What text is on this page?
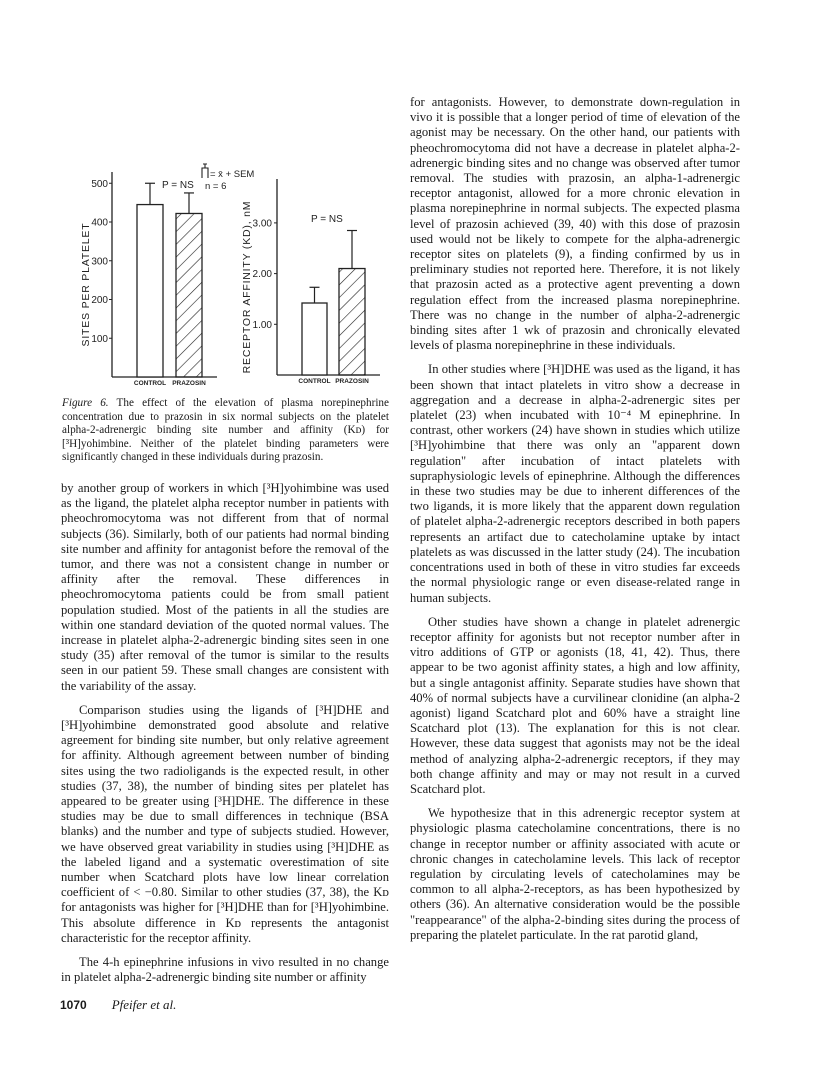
100
200
300
400
500
SITES PER PLATELET
CONTROL PRAZOSIN
P = NS
= x̄ + SEM
n = 6
1.00
2.00
3.00
RECEPTOR AFFINITY (KD), nM
CONTROL PRAZOSIN
P = NS
Figure 6. The effect of the elevation of plasma norepinephrine concentration due to prazosin in six normal subjects on the platelet alpha-2-adrenergic binding site number and affinity (Kᴅ) for [³H]yohimbine. Neither of the platelet binding parameters were significantly changed in these individuals during prazosin.

by another group of workers in which [³H]yohimbine was used as the ligand, the platelet alpha receptor number in patients with pheochromocytoma was not different from that of normal subjects (36). Similarly, both of our patients had normal binding site number and affinity for antagonist before the removal of the tumor, and there was not a consistent change in number or affinity after the removal. These differences in pheochromocytoma patients could be from small patient population studied. Most of the patients in all the studies are within one standard deviation of the quoted normal values. The increase in platelet alpha-2-adrenergic binding sites seen in one study (35) after removal of the tumor is similar to the results seen in our patient 59. These small changes are consistent with the variability of the assay.

Comparison studies using the ligands of [³H]DHE and [³H]yohimbine demonstrated good absolute and relative agreement for binding site number, but only relative agreement for affinity. Although agreement between number of binding sites using the two radioligands is the expected result, in other studies (37, 38), the number of binding sites per platelet has appeared to be greater using [³H]DHE. The difference in these studies may be due to small differences in technique (BSA blanks) and the number and type of subjects studied. However, we have observed great variability in studies using [³H]DHE as the labeled ligand and a systematic overestimation of site number when Scatchard plots have low linear correlation coefficient of < −0.80. Similar to other studies (37, 38), the Kᴅ for antagonists was higher for [³H]DHE than for [³H]yohimbine. This absolute difference in Kᴅ represents the antagonist characteristic for the receptor affinity.

The 4-h epinephrine infusions in vivo resulted in no change in platelet alpha-2-adrenergic binding site number or affinity

for antagonists. However, to demonstrate down-regulation in vivo it is possible that a longer period of time of elevation of the agonist may be necessary. On the other hand, our patients with pheochromocytoma did not have a decrease in platelet alpha-2-adrenergic binding sites and no change was observed after tumor removal. The studies with prazosin, an alpha-1-adrenergic receptor antagonist, allowed for a more chronic elevation in plasma norepinephrine in normal subjects. The expected plasma level of prazosin achieved (39, 40) with this dose of prazosin used would not be likely to compete for the alpha-adrenergic receptor sites on platelets (9), a finding confirmed by us in preliminary studies not reported here. Therefore, it is not likely that prazosin acted as a protective agent preventing a down regulation effect from the increased plasma norepinephrine. There was no change in the number of alpha-2-adrenergic binding sites after 1 wk of prazosin and chronically elevated levels of plasma norepinephrine in these individuals.

In other studies where [³H]DHE was used as the ligand, it has been shown that intact platelets in vitro show a decrease in aggregation and a decrease in alpha-2-adrenergic sites per platelet (23) when incubated with 10⁻⁴ M epinephrine. In contrast, other workers (24) have shown in studies which utilize [³H]yohimbine that there was only an "apparent down regulation" after incubation of intact platelets with supraphysiologic levels of epinephrine. Although the differences in these two studies may be due to inherent differences of the two ligands, it is more likely that the apparent down regulation of platelet alpha-2-adrenergic receptors described in both papers represents an artifact due to catecholamine uptake by intact platelets as was discussed in the latter study (24). The incubation concentrations used in both of these in vitro studies far exceeds the normal physiologic range or even disease-related range in human subjects.

Other studies have shown a change in platelet adrenergic receptor affinity for agonists but not receptor number after in vitro additions of GTP or agonists (18, 41, 42). Thus, there appear to be two agonist affinity states, a high and low affinity, but a single antagonist affinity. Separate studies have shown that 40% of normal subjects have a curvilinear clonidine (an alpha-2 agonist) ligand Scatchard plot and 60% have a straight line Scatchard plot (13). The explanation for this is not clear. However, these data suggest that agonists may not be the ideal method of analyzing alpha-2-adrenergic receptors, if they may both change affinity and may or may not result in a curved Scatchard plot.

We hypothesize that in this adrenergic receptor system at physiologic plasma catecholamine concentrations, there is no change in receptor number or affinity associated with acute or chronic changes in catecholamine levels. This lack of receptor regulation by circulating levels of catecholamines may be common to all alpha-2-receptors, as has been hypothesized by others (36). An alternative consideration would be the possible "reappearance" of the alpha-2-binding sites during the process of preparing the platelet particulate. In the rat parotid gland,

1070 Pfeifer et al.
